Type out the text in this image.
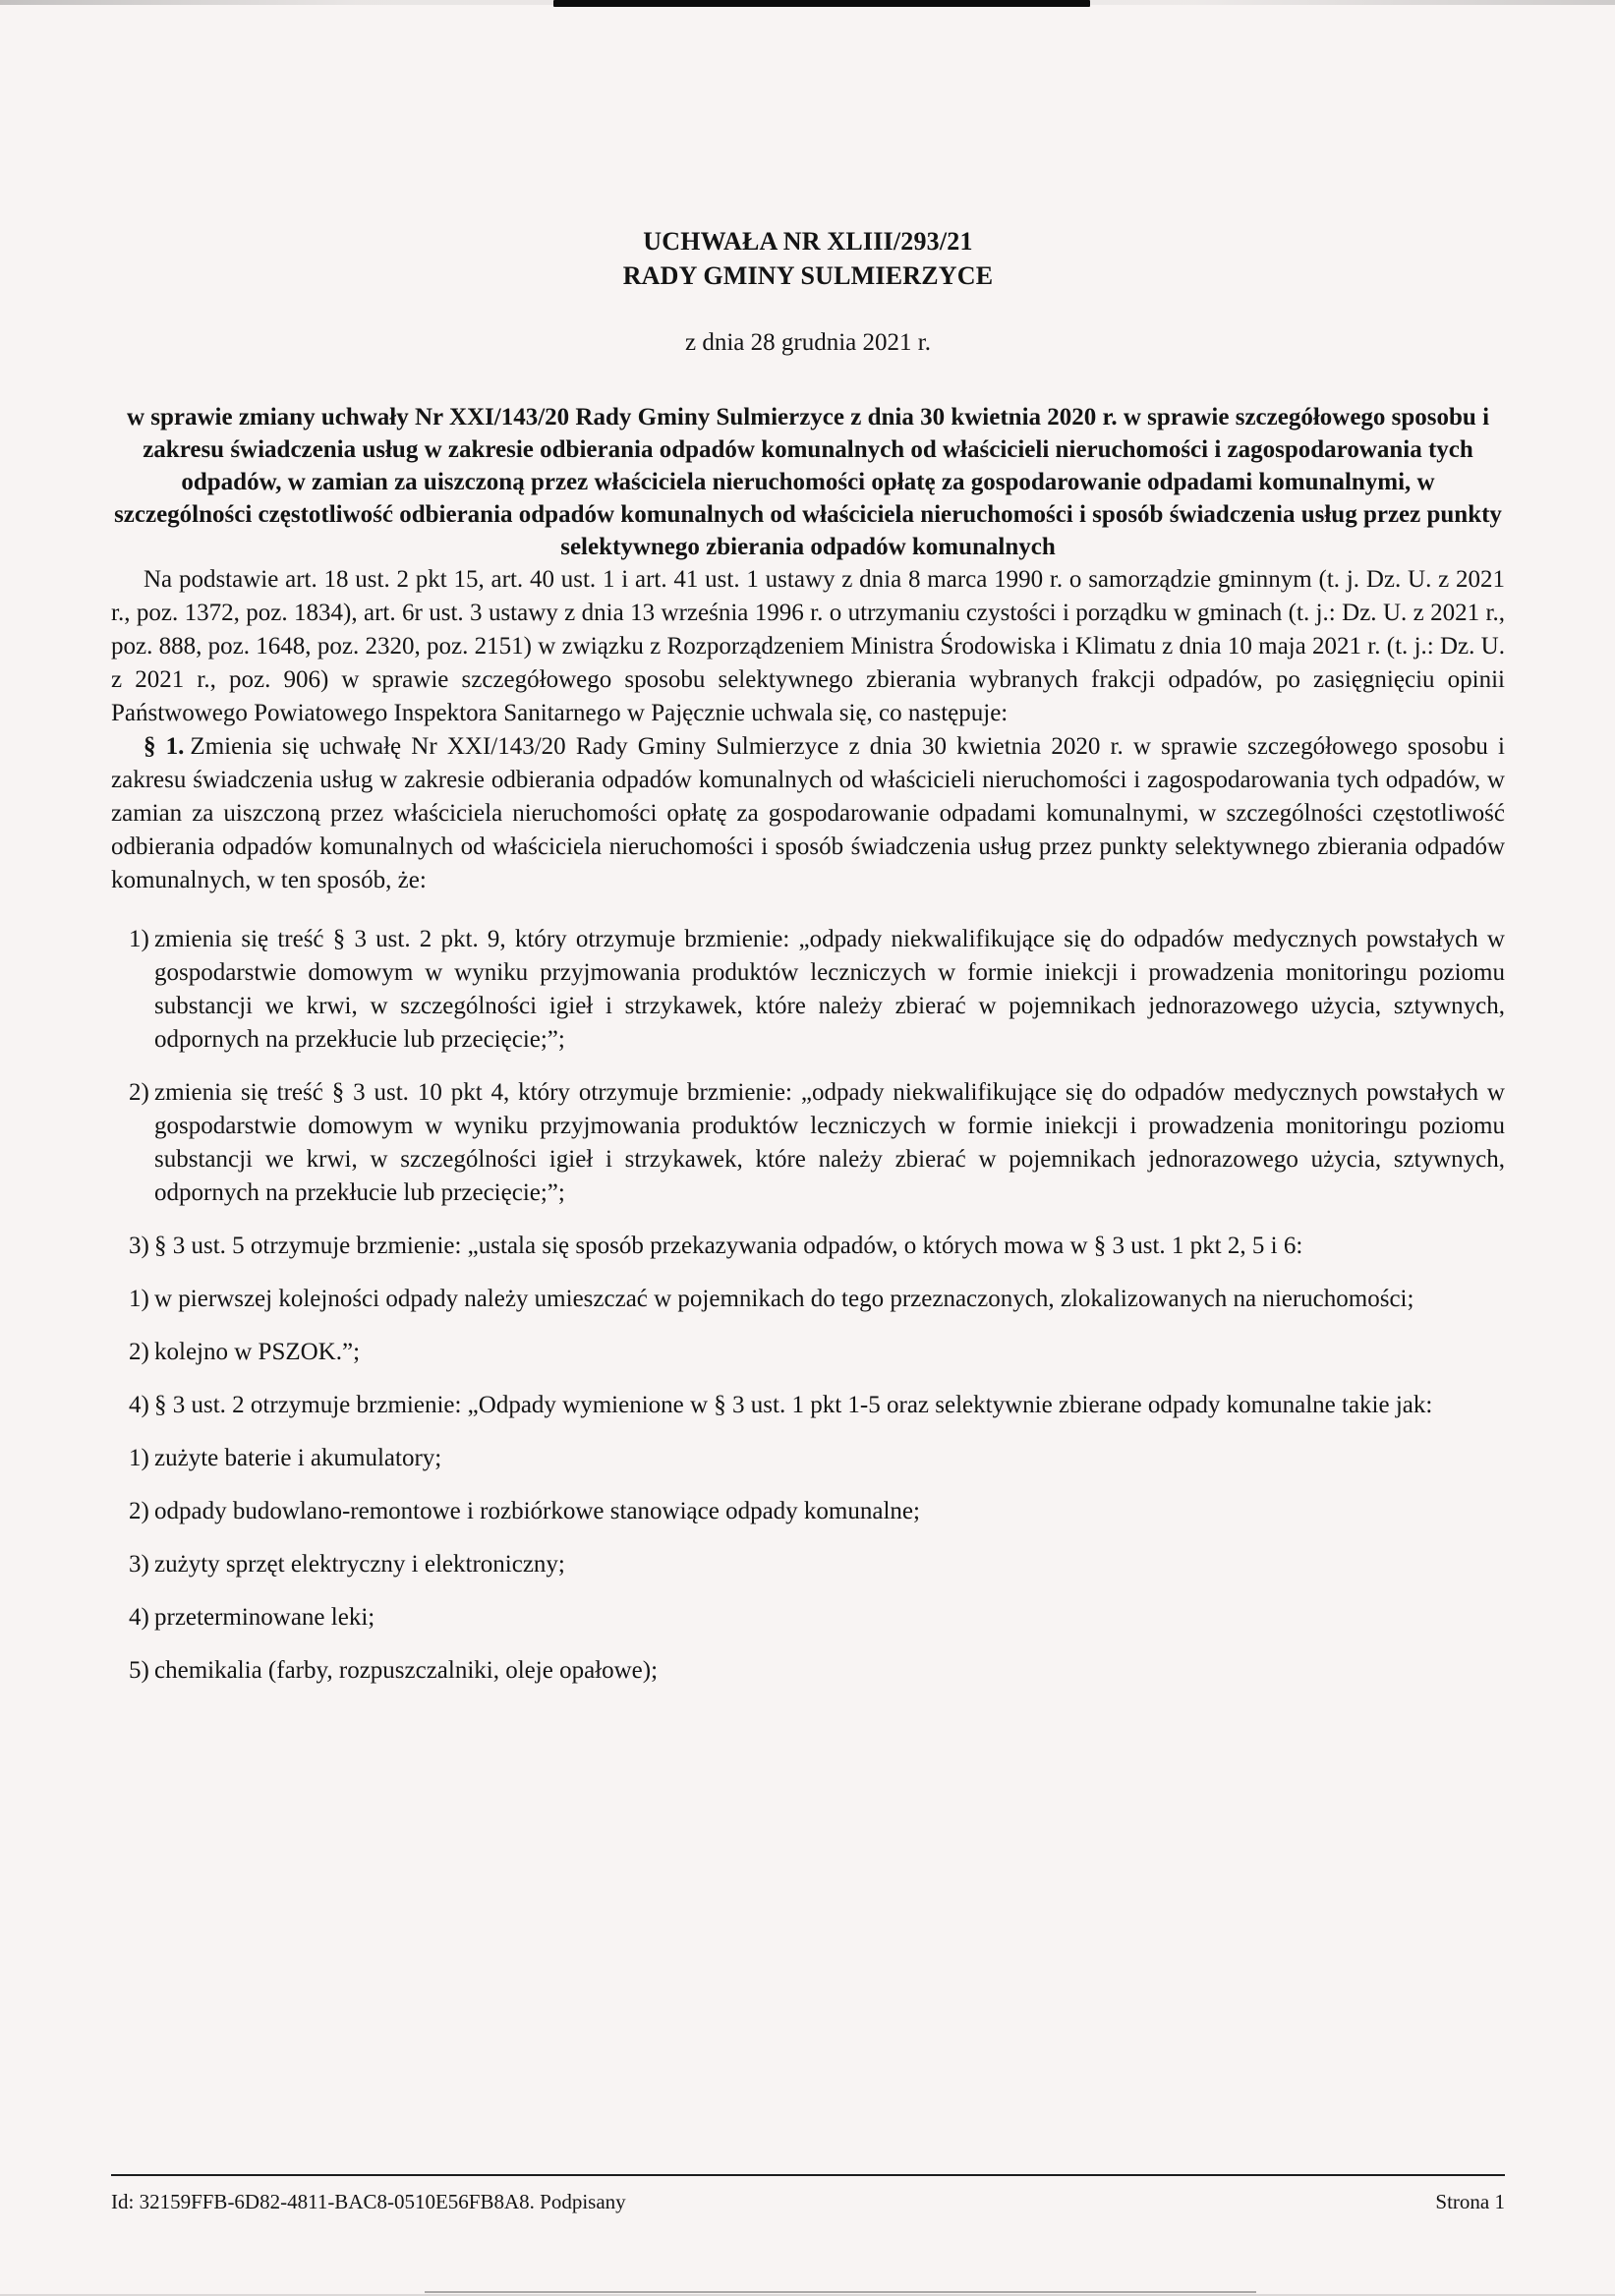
UCHWAŁA NR XLIII/293/21
RADY GMINY SULMIERZYCE
z dnia 28 grudnia 2021 r.
w sprawie zmiany uchwały Nr XXI/143/20 Rady Gminy Sulmierzyce z dnia 30 kwietnia 2020 r. w sprawie szczegółowego sposobu i zakresu świadczenia usług w zakresie odbierania odpadów komunalnych od właścicieli nieruchomości i zagospodarowania tych odpadów, w zamian za uiszczoną przez właściciela nieruchomości opłatę za gospodarowanie odpadami komunalnymi, w szczególności częstotliwość odbierania odpadów komunalnych od właściciela nieruchomości i sposób świadczenia usług przez punkty selektywnego zbierania odpadów komunalnych

Na podstawie art. 18 ust. 2 pkt 15, art. 40 ust. 1 i art. 41 ust. 1 ustawy z dnia 8 marca 1990 r. o samorządzie gminnym (t. j. Dz. U. z 2021 r., poz. 1372, poz. 1834), art. 6r ust. 3 ustawy z dnia 13 września 1996 r. o utrzymaniu czystości i porządku w gminach (t. j.: Dz. U. z 2021 r., poz. 888, poz. 1648, poz. 2320, poz. 2151) w związku z Rozporządzeniem Ministra Środowiska i Klimatu z dnia 10 maja 2021 r. (t. j.: Dz. U. z 2021 r., poz. 906) w sprawie szczegółowego sposobu selektywnego zbierania wybranych frakcji odpadów, po zasięgnięciu opinii Państwowego Powiatowego Inspektora Sanitarnego w Pajęcznie uchwala się, co następuje:

§ 1. Zmienia się uchwałę Nr XXI/143/20 Rady Gminy Sulmierzyce z dnia 30 kwietnia 2020 r. w sprawie szczegółowego sposobu i zakresu świadczenia usług w zakresie odbierania odpadów komunalnych od właścicieli nieruchomości i zagospodarowania tych odpadów, w zamian za uiszczoną przez właściciela nieruchomości opłatę za gospodarowanie odpadami komunalnymi, w szczególności częstotliwość odbierania odpadów komunalnych od właściciela nieruchomości i sposób świadczenia usług przez punkty selektywnego zbierania odpadów komunalnych, w ten sposób, że:

1) zmienia się treść § 3 ust. 2 pkt. 9, który otrzymuje brzmienie: „odpady niekwalifikujące się do odpadów medycznych powstałych w gospodarstwie domowym w wyniku przyjmowania produktów leczniczych w formie iniekcji i prowadzenia monitoringu poziomu substancji we krwi, w szczególności igieł i strzykawek, które należy zbierać w pojemnikach jednorazowego użycia, sztywnych, odpornych na przekłucie lub przecięcie;”;
2) zmienia się treść § 3 ust. 10 pkt 4, który otrzymuje brzmienie: „odpady niekwalifikujące się do odpadów medycznych powstałych w gospodarstwie domowym w wyniku przyjmowania produktów leczniczych w formie iniekcji i prowadzenia monitoringu poziomu substancji we krwi, w szczególności igieł i strzykawek, które należy zbierać w pojemnikach jednorazowego użycia, sztywnych, odpornych na przekłucie lub przecięcie;”;
3) § 3 ust. 5 otrzymuje brzmienie: „ustala się sposób przekazywania odpadów, o których mowa w § 3 ust. 1 pkt 2, 5 i 6:
1) w pierwszej kolejności odpady należy umieszczać w pojemnikach do tego przeznaczonych, zlokalizowanych na nieruchomości;
2) kolejno w PSZOK.”;
4) § 3 ust. 2 otrzymuje brzmienie: „Odpady wymienione w § 3 ust. 1 pkt 1-5 oraz selektywnie zbierane odpady komunalne takie jak:
1) zużyte baterie i akumulatory;
2) odpady budowlano-remontowe i rozbiórkowe stanowiące odpady komunalne;
3) zużyty sprzęt elektryczny i elektroniczny;
4) przeterminowane leki;
5) chemikalia (farby, rozpuszczalniki, oleje opałowe);
Id: 32159FFB-6D82-4811-BAC8-0510E56FB8A8. Podpisany	Strona 1
